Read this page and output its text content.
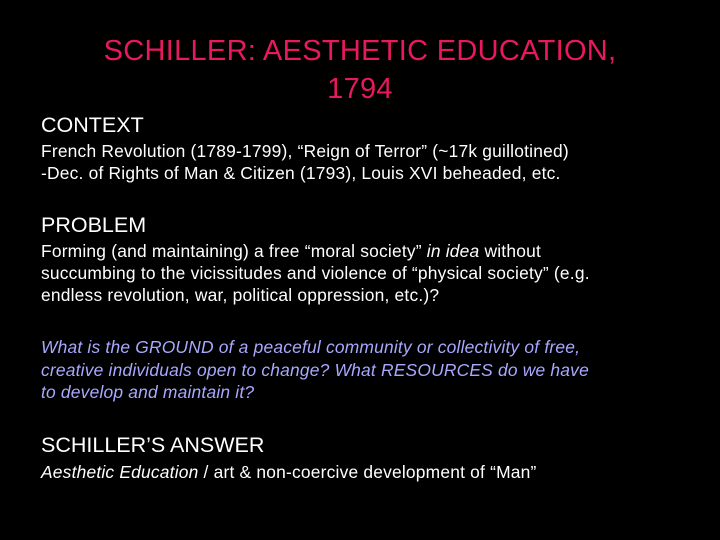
SCHILLER: AESTHETIC EDUCATION,
1794
CONTEXT
French Revolution (1789-1799), “Reign of Terror” (~17k guillotined)
-Dec. of Rights of Man & Citizen (1793), Louis XVI beheaded, etc.
PROBLEM
Forming (and maintaining) a free “moral society” in idea without
succumbing to the vicissitudes and violence of “physical society” (e.g.
endless revolution, war, political oppression, etc.)?
What is the GROUND of a peaceful community or collectivity of free,
creative individuals open to change? What RESOURCES do we have
to develop and maintain it?
SCHILLER’S ANSWER
Aesthetic Education / art & non-coercive development of “Man”
